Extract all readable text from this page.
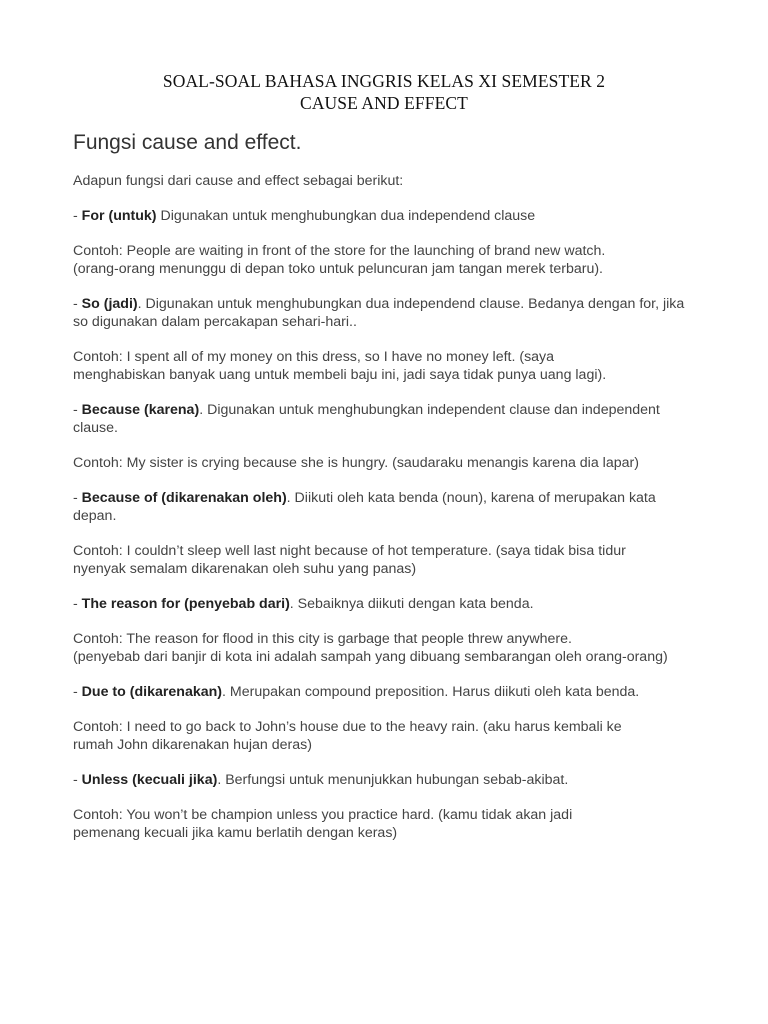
SOAL-SOAL BAHASA INGGRIS KELAS XI SEMESTER 2
CAUSE AND EFFECT
Fungsi cause and effect.

Adapun fungsi dari cause and effect sebagai berikut:

- For (untuk) Digunakan untuk menghubungkan dua independend clause

Contoh: People are waiting in front of the store for the launching of brand new watch.
(orang-orang menunggu di depan toko untuk peluncuran jam tangan merek terbaru).

- So (jadi). Digunakan untuk menghubungkan dua independend clause. Bedanya dengan for, jika so digunakan dalam percakapan sehari-hari..

Contoh: I spent all of my money on this dress, so I have no money left. (saya
menghabiskan banyak uang untuk membeli baju ini, jadi saya tidak punya uang lagi).

- Because (karena). Digunakan untuk menghubungkan independent clause dan independent clause.

Contoh: My sister is crying because she is hungry. (saudaraku menangis karena dia lapar)

- Because of (dikarenakan oleh). Diikuti oleh kata benda (noun), karena of merupakan kata depan.

Contoh: I couldn’t sleep well last night because of hot temperature. (saya tidak bisa tidur
nyenyak semalam dikarenakan oleh suhu yang panas)

- The reason for (penyebab dari). Sebaiknya diikuti dengan kata benda.

Contoh: The reason for flood in this city is garbage that people threw anywhere.
(penyebab dari banjir di kota ini adalah sampah yang dibuang sembarangan oleh orang-orang)

- Due to (dikarenakan). Merupakan compound preposition. Harus diikuti oleh kata benda.

Contoh: I need to go back to John’s house due to the heavy rain. (aku harus kembali ke
rumah John dikarenakan hujan deras)

- Unless (kecuali jika). Berfungsi untuk menunjukkan hubungan sebab-akibat.

Contoh: You won’t be champion unless you practice hard. (kamu tidak akan jadi
pemenang kecuali jika kamu berlatih dengan keras)
